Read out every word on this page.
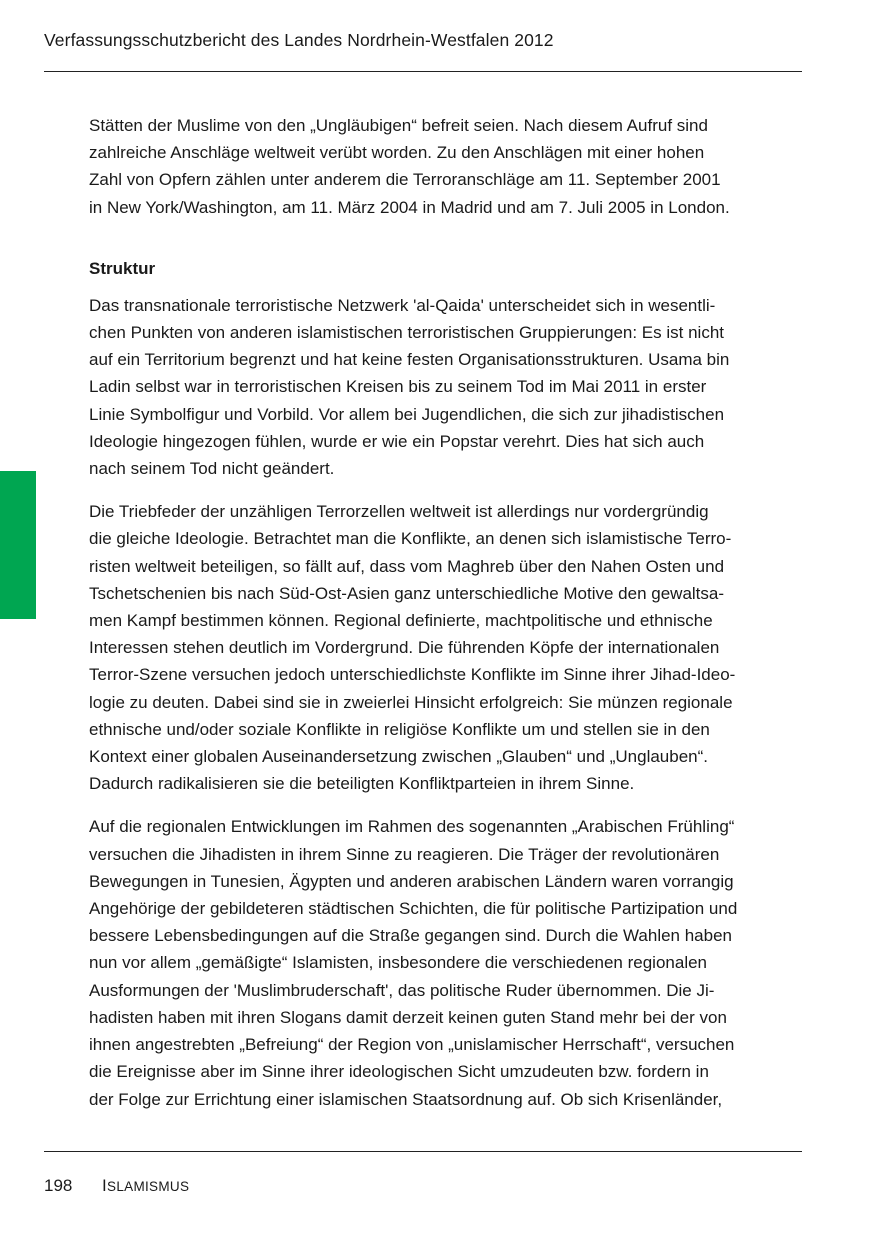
Verfassungsschutzbericht des Landes Nordrhein-Westfalen 2012

Stätten der Muslime von den „Ungläubigen“ befreit seien. Nach diesem Aufruf sind
zahlreiche Anschläge weltweit verübt worden. Zu den Anschlägen mit einer hohen
Zahl von Opfern zählen unter anderem die Terroranschläge am 11. September 2001
in New York/Washington, am 11. März 2004 in Madrid und am 7. Juli 2005 in London.

Struktur

Das transnationale terroristische Netzwerk 'al-Qaida' unterscheidet sich in wesentli-
chen Punkten von anderen islamistischen terroristischen Gruppierungen: Es ist nicht
auf ein Territorium begrenzt und hat keine festen Organisationsstrukturen. Usama bin
Ladin selbst war in terroristischen Kreisen bis zu seinem Tod im Mai 2011 in erster
Linie Symbolfigur und Vorbild. Vor allem bei Jugendlichen, die sich zur jihadistischen
Ideologie hingezogen fühlen, wurde er wie ein Popstar verehrt. Dies hat sich auch
nach seinem Tod nicht geändert.

Die Triebfeder der unzähligen Terrorzellen weltweit ist allerdings nur vordergründig
die gleiche Ideologie. Betrachtet man die Konflikte, an denen sich islamistische Terro-
risten weltweit beteiligen, so fällt auf, dass vom Maghreb über den Nahen Osten und
Tschetschenien bis nach Süd-Ost-Asien ganz unterschiedliche Motive den gewaltsa-
men Kampf bestimmen können. Regional definierte, machtpolitische und ethnische
Interessen stehen deutlich im Vordergrund. Die führenden Köpfe der internationalen
Terror-Szene versuchen jedoch unterschiedlichste Konflikte im Sinne ihrer Jihad-Ideo-
logie zu deuten. Dabei sind sie in zweierlei Hinsicht erfolgreich: Sie münzen regionale
ethnische und/oder soziale Konflikte in religiöse Konflikte um und stellen sie in den
Kontext einer globalen Auseinandersetzung zwischen „Glauben“ und „Unglauben“.
Dadurch radikalisieren sie die beteiligten Konfliktparteien in ihrem Sinne.

Auf die regionalen Entwicklungen im Rahmen des sogenannten „Arabischen Frühling“
versuchen die Jihadisten in ihrem Sinne zu reagieren. Die Träger der revolutionären
Bewegungen in Tunesien, Ägypten und anderen arabischen Ländern waren vorrangig
Angehörige der gebildeteren städtischen Schichten, die für politische Partizipation und
bessere Lebensbedingungen auf die Straße gegangen sind. Durch die Wahlen haben
nun vor allem „gemäßigte“ Islamisten, insbesondere die verschiedenen regionalen
Ausformungen der 'Muslimbruderschaft', das politische Ruder übernommen. Die Ji-
hadisten haben mit ihren Slogans damit derzeit keinen guten Stand mehr bei der von
ihnen angestrebten „Befreiung“ der Region von „unislamischer Herrschaft“, versuchen
die Ereignisse aber im Sinne ihrer ideologischen Sicht umzudeuten bzw. fordern in
der Folge zur Errichtung einer islamischen Staatsordnung auf. Ob sich Krisenländer,

198 ISLAMISMUS
